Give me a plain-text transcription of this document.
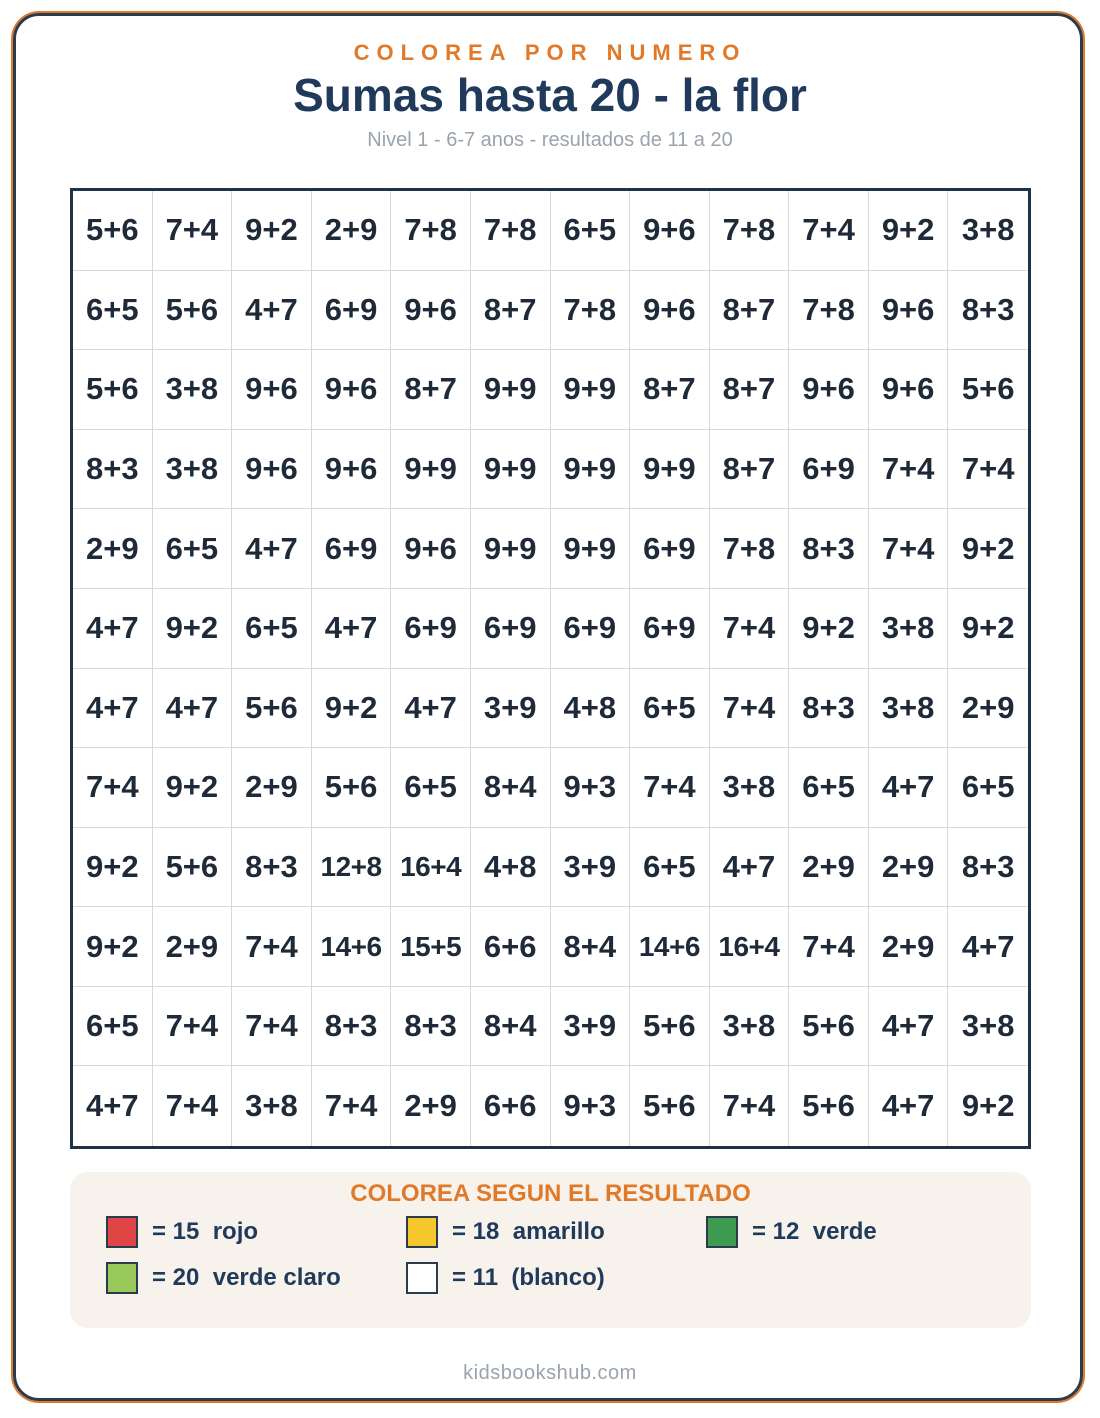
COLOREA POR NUMERO
Sumas hasta 20 - la flor
Nivel 1 - 6-7 anos - resultados de 11 a 20
5+6 7+4 9+2 2+9 7+8 7+8 6+5 9+6 7+8 7+4 9+2 3+8
6+5 5+6 4+7 6+9 9+6 8+7 7+8 9+6 8+7 7+8 9+6 8+3
5+6 3+8 9+6 9+6 8+7 9+9 9+9 8+7 8+7 9+6 9+6 5+6
8+3 3+8 9+6 9+6 9+9 9+9 9+9 9+9 8+7 6+9 7+4 7+4
2+9 6+5 4+7 6+9 9+6 9+9 9+9 6+9 7+8 8+3 7+4 9+2
4+7 9+2 6+5 4+7 6+9 6+9 6+9 6+9 7+4 9+2 3+8 9+2
4+7 4+7 5+6 9+2 4+7 3+9 4+8 6+5 7+4 8+3 3+8 2+9
7+4 9+2 2+9 5+6 6+5 8+4 9+3 7+4 3+8 6+5 4+7 6+5
9+2 5+6 8+3 12+8 16+4 4+8 3+9 6+5 4+7 2+9 2+9 8+3
9+2 2+9 7+4 14+6 15+5 6+6 8+4 14+6 16+4 7+4 2+9 4+7
6+5 7+4 7+4 8+3 8+3 8+4 3+9 5+6 3+8 5+6 4+7 3+8
4+7 7+4 3+8 7+4 2+9 6+6 9+3 5+6 7+4 5+6 4+7 9+2
COLOREA SEGUN EL RESULTADO
= 15  rojo	= 18  amarillo	= 12  verde
= 20  verde claro	= 11  (blanco)
kidsbookshub.com
